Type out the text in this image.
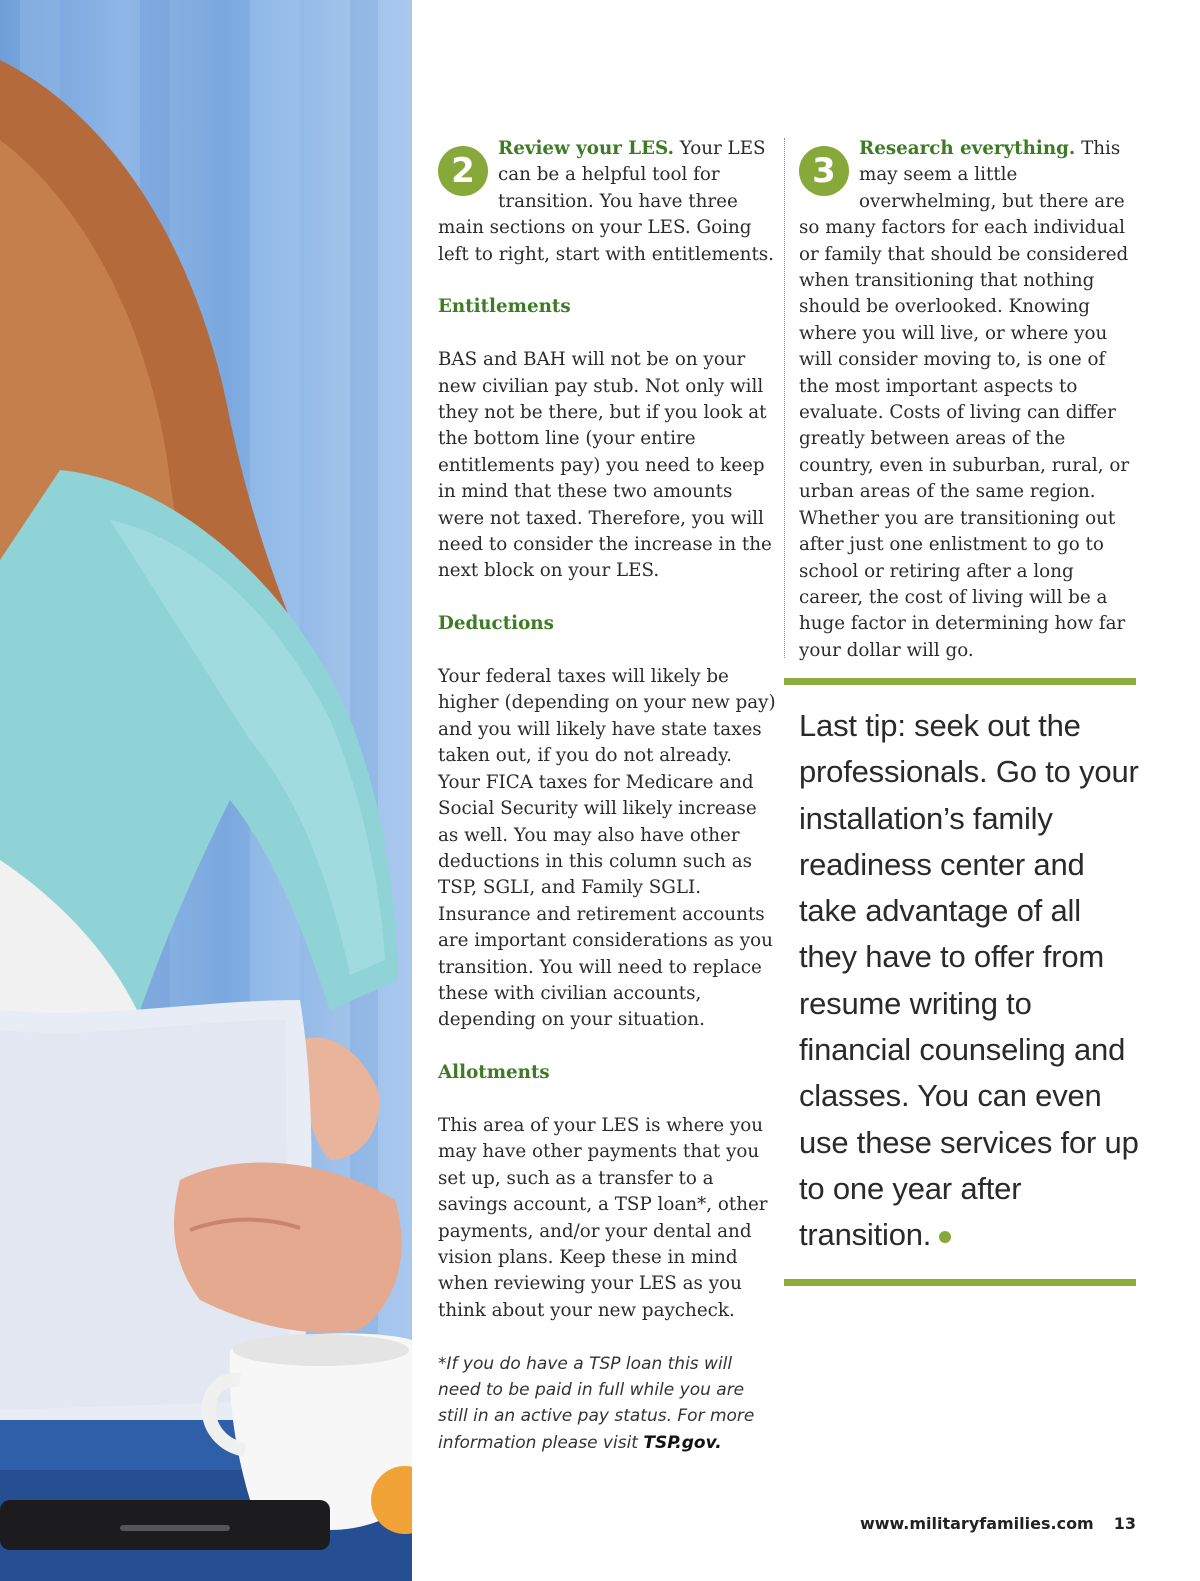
2

Review your LES. Your LES can be a helpful tool for transition. You have three main sections on your LES. Going left to right, start with entitlements.

Entitlements

BAS and BAH will not be on your new civilian pay stub. Not only will they not be there, but if you look at the bottom line (your entire entitlements pay) you need to keep in mind that these two amounts were not taxed. Therefore, you will need to consider the increase in the next block on your LES.

Deductions

Your federal taxes will likely be higher (depending on your new pay) and you will likely have state taxes taken out, if you do not already. Your FICA taxes for Medicare and Social Security will likely increase as well. You may also have other deductions in this column such as TSP, SGLI, and Family SGLI. Insurance and retirement accounts are important considerations as you transition. You will need to replace these with civilian accounts, depending on your situation.

Allotments

This area of your LES is where you may have other payments that you set up, such as a transfer to a savings account, a TSP loan*, other payments, and/or your dental and vision plans. Keep these in mind when reviewing your LES as you think about your new paycheck.

*If you do have a TSP loan this will need to be paid in full while you are still in an active pay status. For more information please visit TSP.gov.

3

Research everything. This may seem a little overwhelming, but there are so many factors for each individual or family that should be considered when transitioning that nothing should be overlooked. Knowing where you will live, or where you will consider moving to, is one of the most important aspects to evaluate. Costs of living can differ greatly between areas of the country, even in suburban, rural, or urban areas of the same region. Whether you are transitioning out after just one enlistment to go to school or retiring after a long career, the cost of living will be a huge factor in determining how far your dollar will go.

Last tip: seek out the professionals. Go to your installation’s family readiness center and take advantage of all they have to offer from resume writing to financial counseling and classes. You can even use these services for up to one year after transition.
www.militaryfamilies.com 13
